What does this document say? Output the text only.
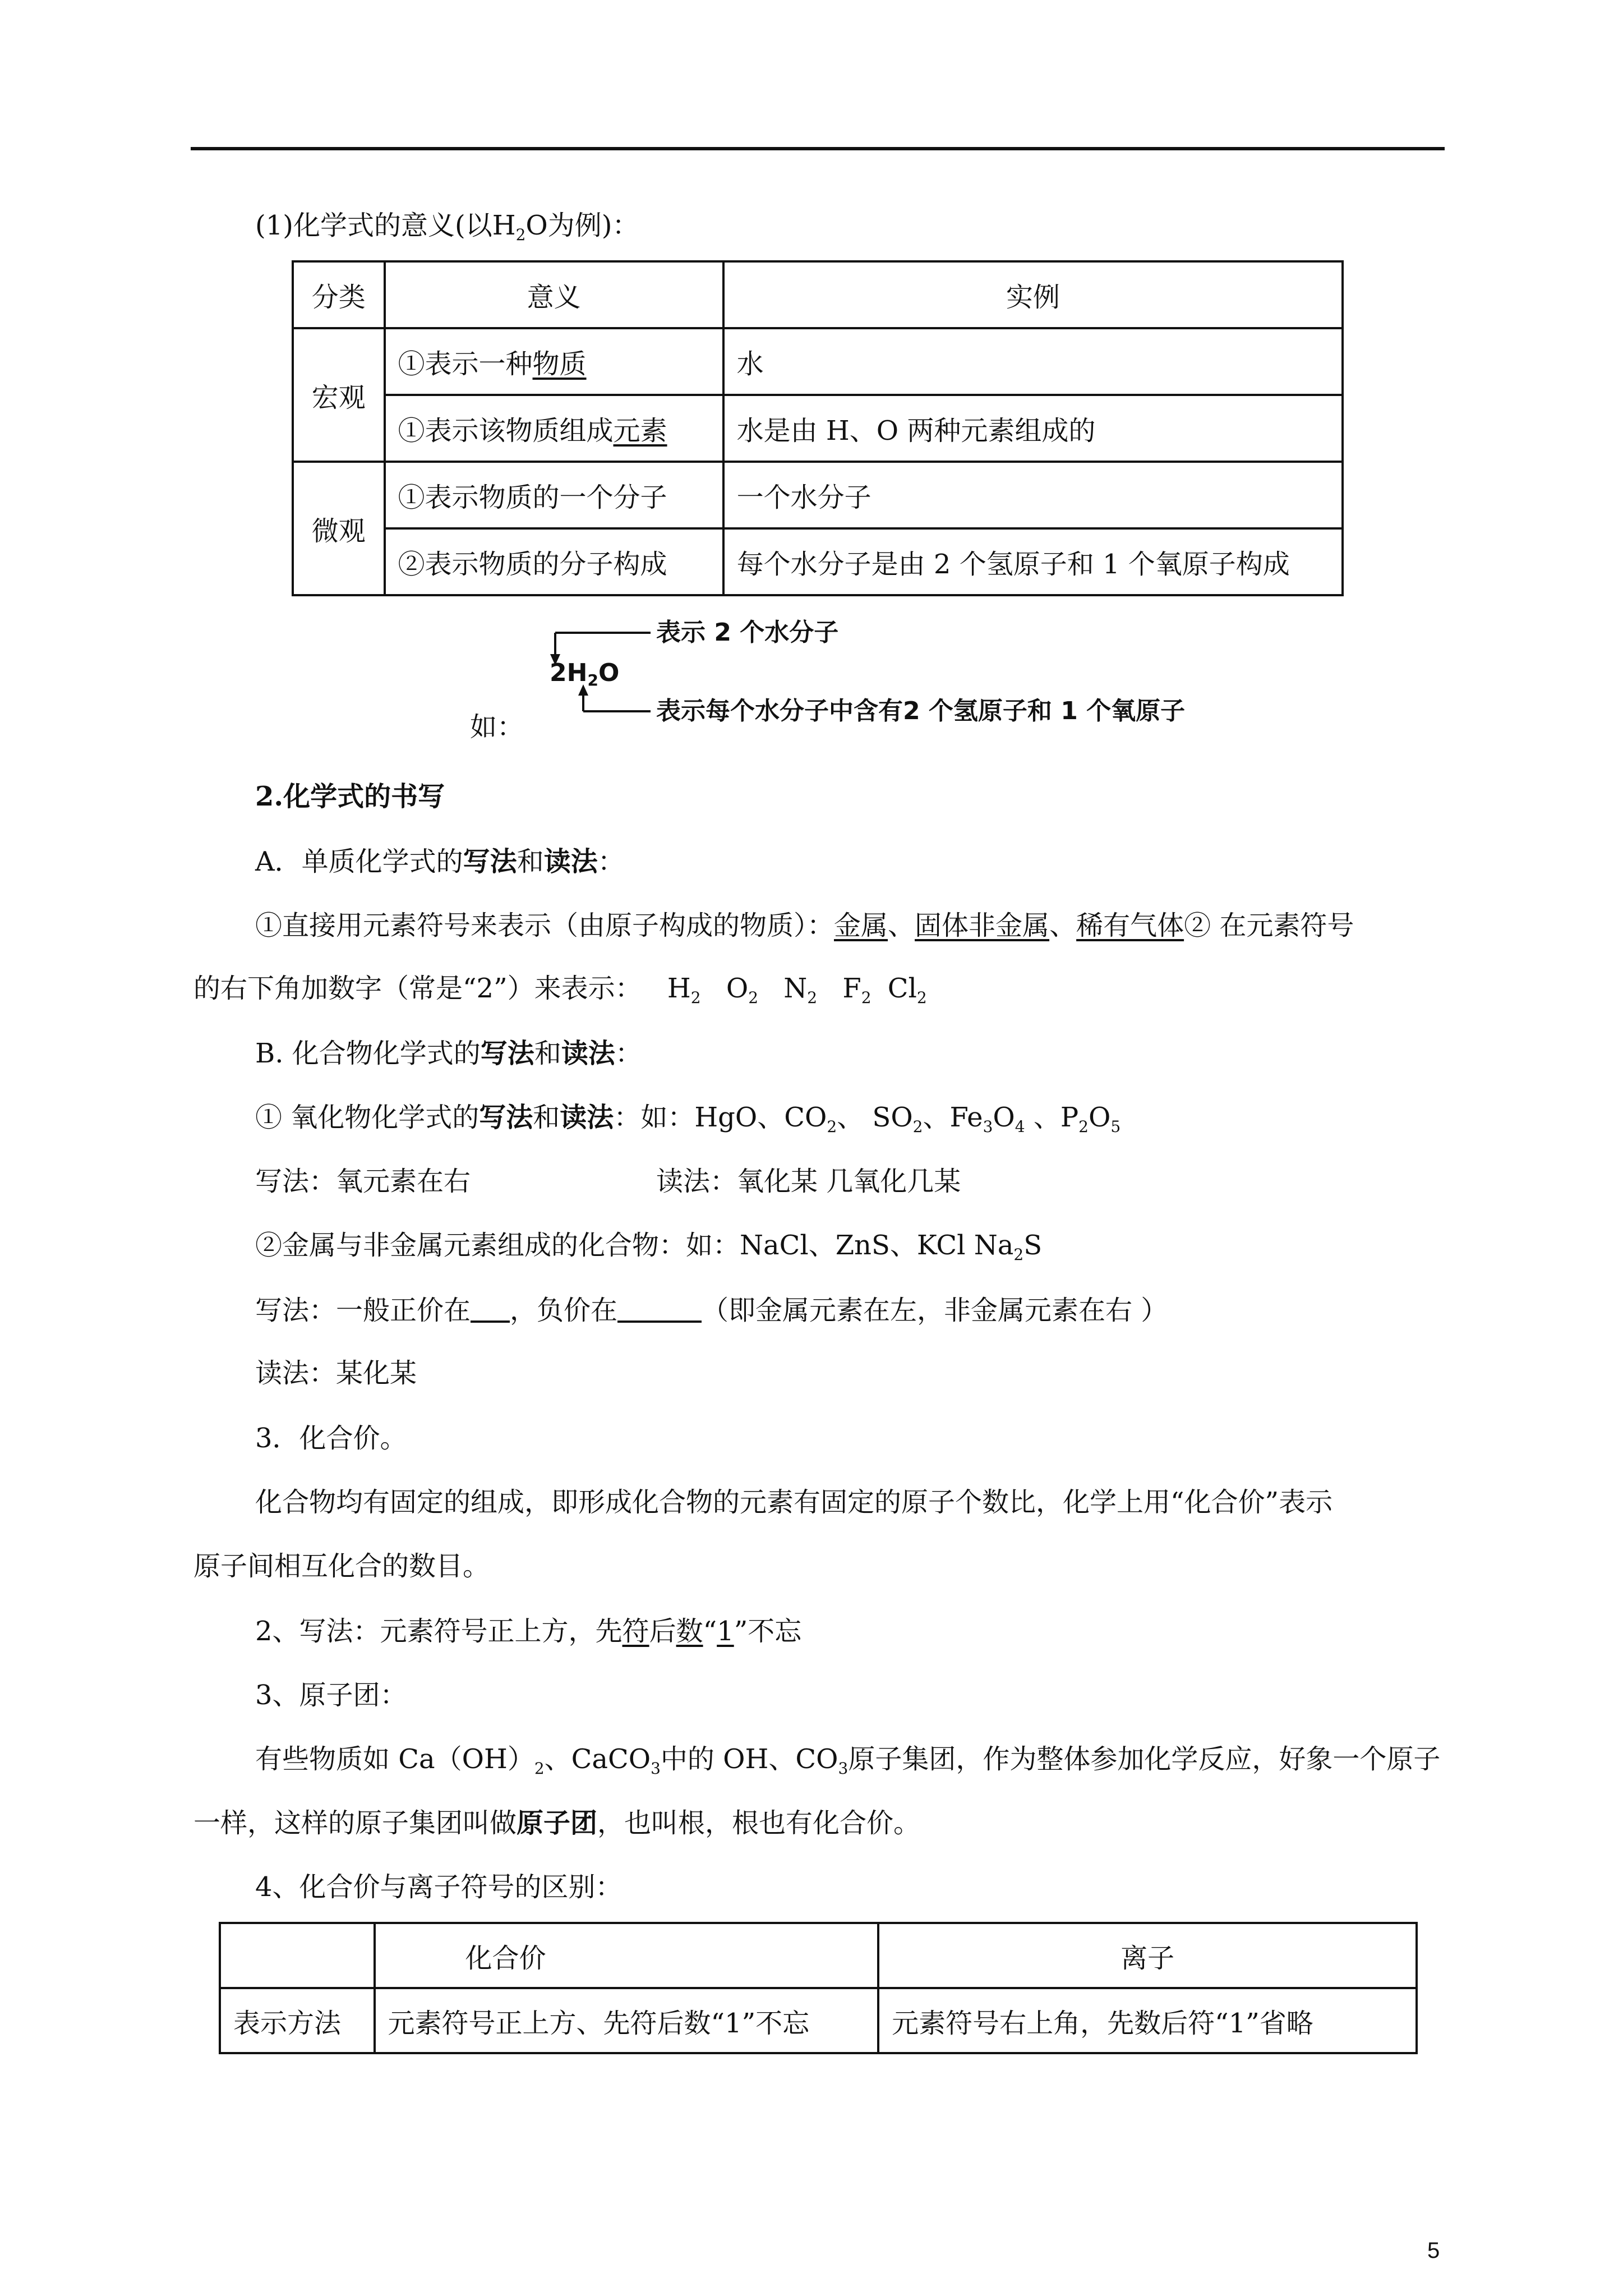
(1)化学式的意义(以$H_2O$为例)：
分类	意义	实例
宏观	①表示一种物质	水
	①表示该物质组成元素	水是由 H、O 两种元素组成的
微观	①表示物质的一个分子	一个水分子
	②表示物质的分子构成	每个水分子是由 2 个氢原子和 1 个氧原子构成
表示 2 个水分子
2H2O
表示每个水分子中含有2 个氢原子和 1 个氧原子
如：
2.化学式的书写
A．单质化学式的写法和读法：
①直接用元素符号来表示（由原子构成的物质）：金属、固体非金属、稀有气体② 在元素符号
的右下角加数字（常是“2”）来表示： $H_2$ $O_2$ $N_2$ $F_2$ $Cl_2$
B. 化合物化学式的写法和读法：
① 氧化物化学式的写法和读法：如：HgO、$CO_2$、 $SO_2$、$Fe_3O_4$ 、$P_2O_5$
写法：氧元素在右	读法：氧化某 几氧化几某
②金属与非金属元素组成的化合物：如：NaCl、ZnS、KCl $Na_2S$
写法：一般正价在 ，负价在	（即金属元素在左，非金属元素在右 ）
读法：某化某
3．化合价。
化合物均有固定的组成，即形成化合物的元素有固定的原子个数比，化学上用“化合价”表示
原子间相互化合的数目。
2、写法：元素符号正上方，先符后数“1”不忘
3、原子团：
有些物质如 $Ca(OH)_2$、CaCO$_3$中的 OH、$CO_3$原子集团，作为整体参加化学反应，好象一个原子
一样，这样的原子集团叫做原子团，也叫根，根也有化合价。
4、化合价与离子符号的区别：
	化合价	离子
表示方法	元素符号正上方、先符后数“1”不忘	元素符号右上角，先数后符“1”省略
5
